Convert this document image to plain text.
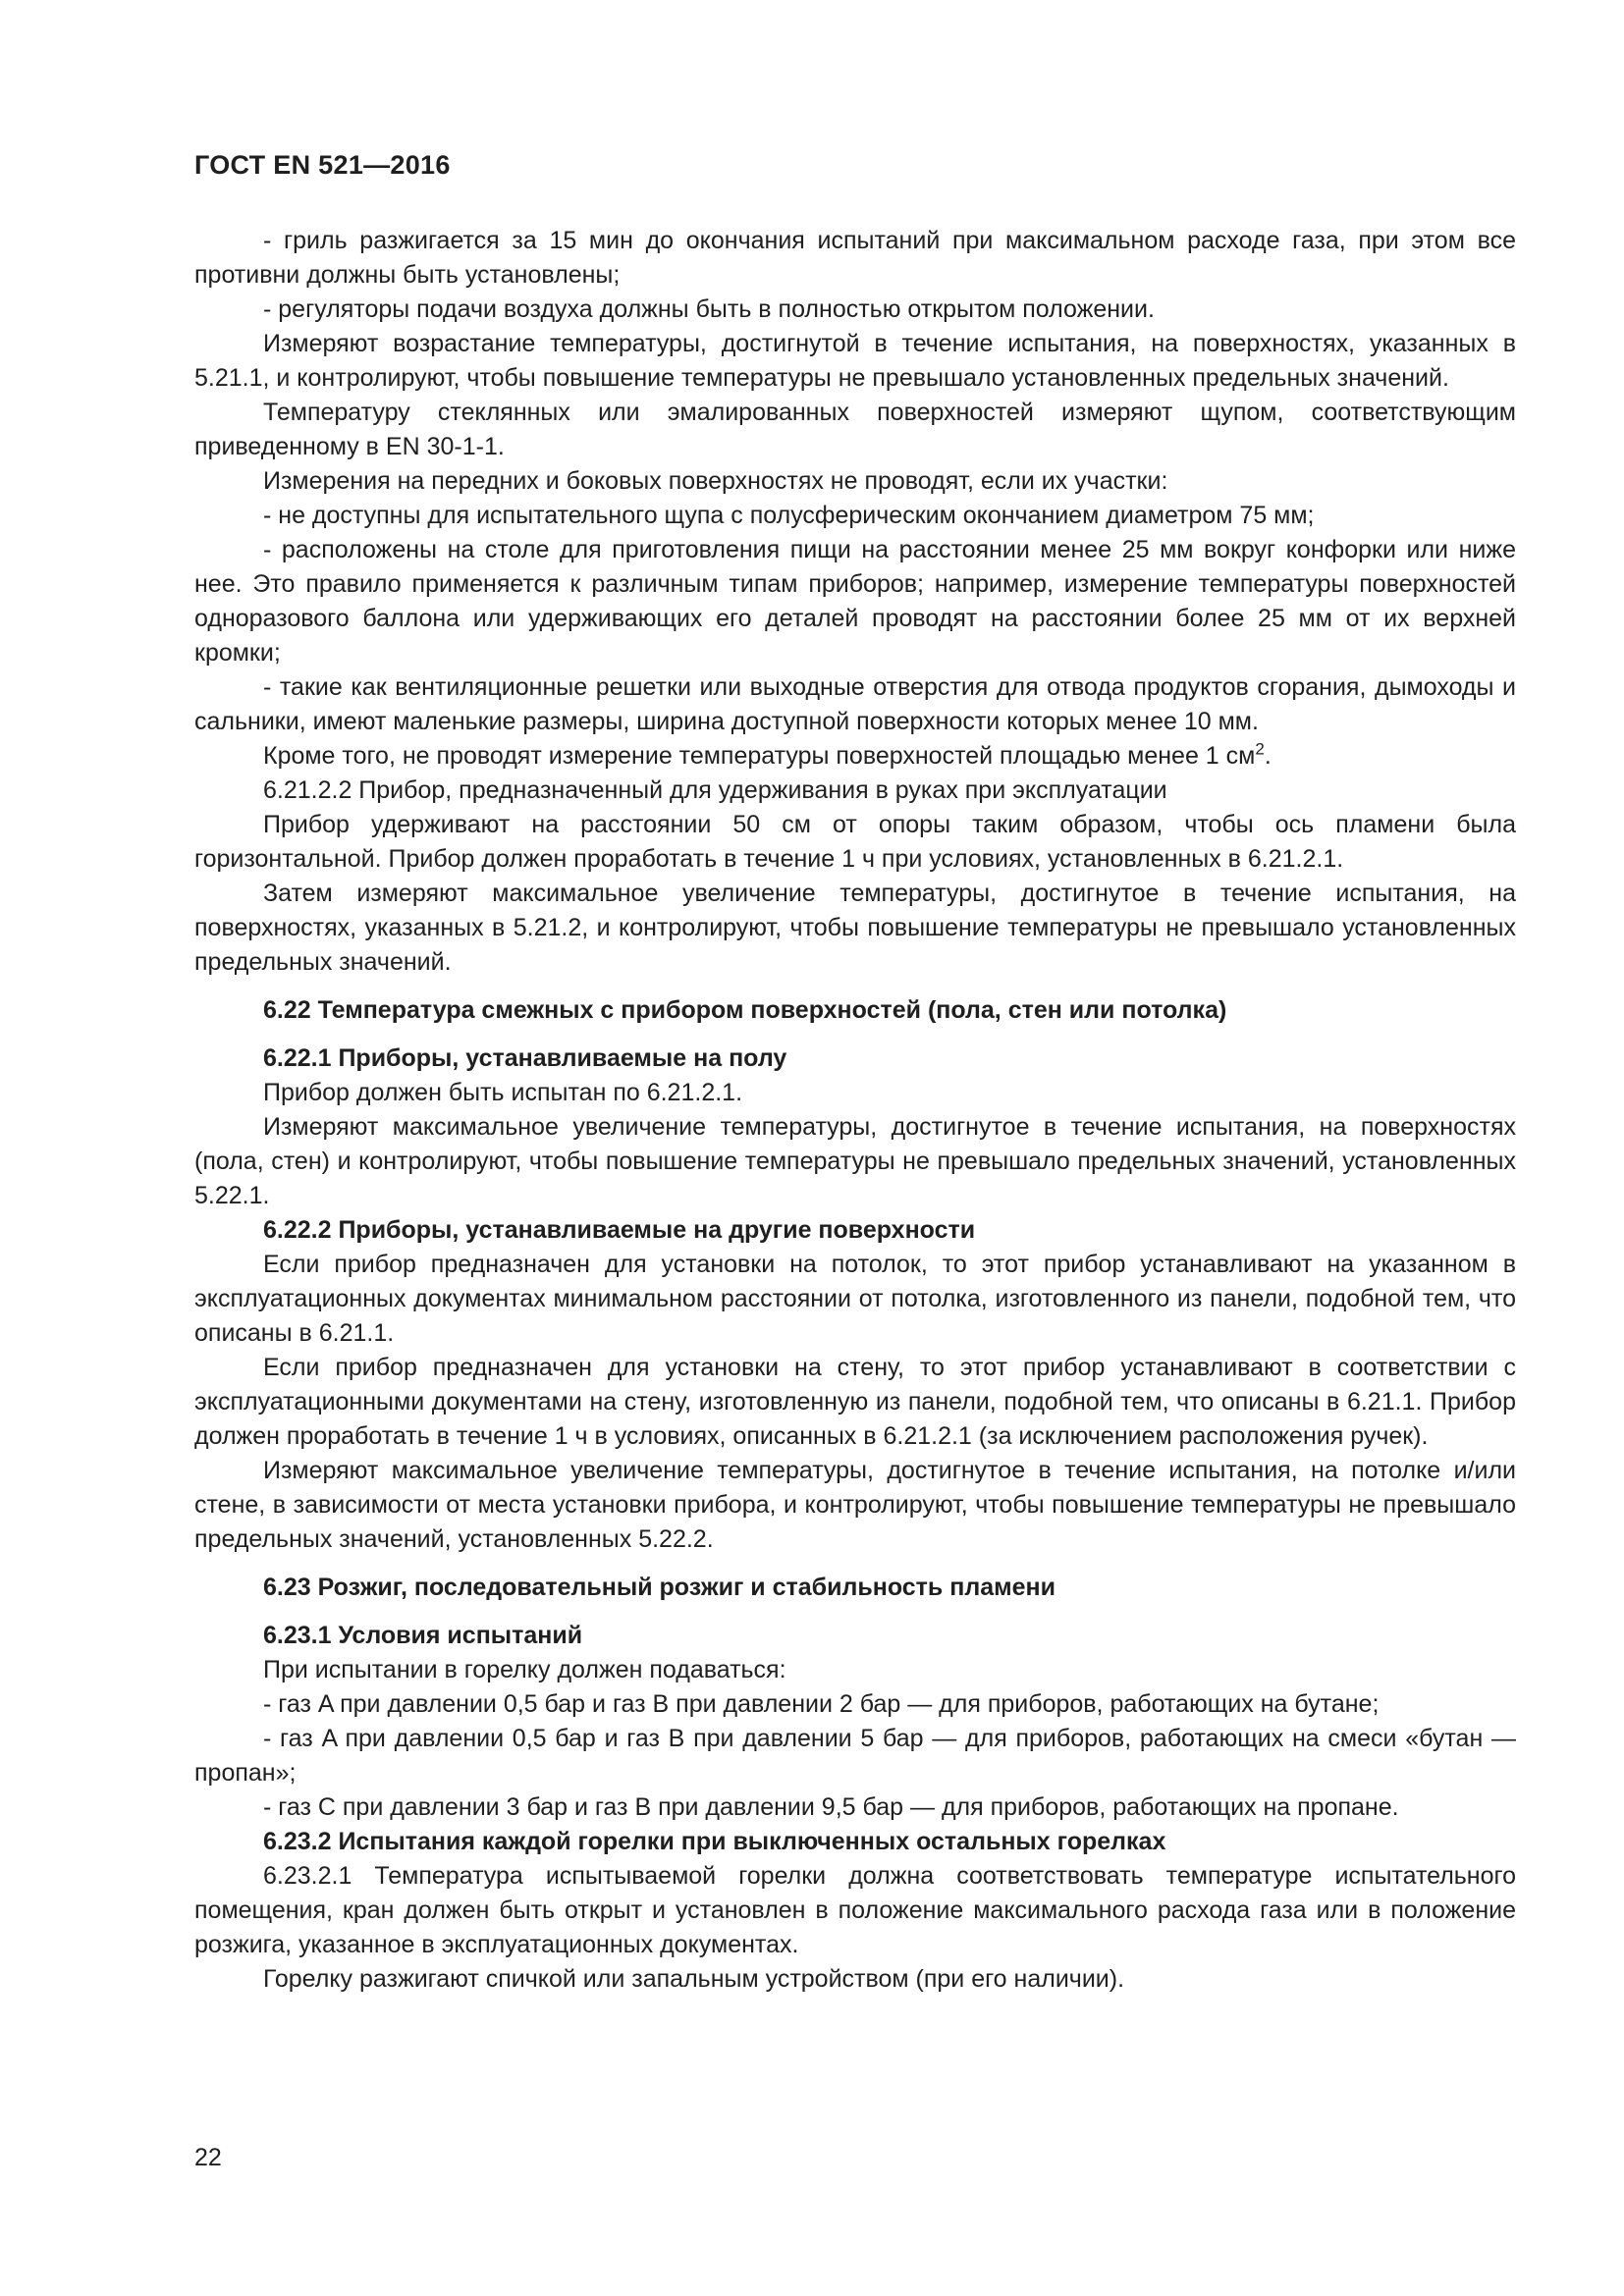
ГОСТ EN 521—2016

- гриль разжигается за 15 мин до окончания испытаний при максимальном расходе газа, при этом все противни должны быть установлены;

- регуляторы подачи воздуха должны быть в полностью открытом положении.

Измеряют возрастание температуры, достигнутой в течение испытания, на поверхностях, указанных в 5.21.1, и контролируют, чтобы повышение температуры не превышало установленных предельных значений.

Температуру стеклянных или эмалированных поверхностей измеряют щупом, соответствующим приведенному в EN 30-1-1.

Измерения на передних и боковых поверхностях не проводят, если их участки:

- не доступны для испытательного щупа с полусферическим окончанием диаметром 75 мм;

- расположены на столе для приготовления пищи на расстоянии менее 25 мм вокруг конфорки или ниже нее. Это правило применяется к различным типам приборов; например, измерение температуры поверхностей одноразового баллона или удерживающих его деталей проводят на расстоянии более 25 мм от их верхней кромки;

- такие как вентиляционные решетки или выходные отверстия для отвода продуктов сгорания, дымоходы и сальники, имеют маленькие размеры, ширина доступной поверхности которых менее 10 мм.

Кроме того, не проводят измерение температуры поверхностей площадью менее 1 $см^2$.

6.21.2.2 Прибор, предназначенный для удерживания в руках при эксплуатации

Прибор удерживают на расстоянии 50 см от опоры таким образом, чтобы ось пламени была горизонтальной. Прибор должен проработать в течение 1 ч при условиях, установленных в 6.21.2.1.

Затем измеряют максимальное увеличение температуры, достигнутое в течение испытания, на поверхностях, указанных в 5.21.2, и контролируют, чтобы повышение температуры не превышало установленных предельных значений.

6.22 Температура смежных с прибором поверхностей (пола, стен или потолка)

6.22.1 Приборы, устанавливаемые на полу

Прибор должен быть испытан по 6.21.2.1.

Измеряют максимальное увеличение температуры, достигнутое в течение испытания, на поверхностях (пола, стен) и контролируют, чтобы повышение температуры не превышало предельных значений, установленных 5.22.1.

6.22.2 Приборы, устанавливаемые на другие поверхности

Если прибор предназначен для установки на потолок, то этот прибор устанавливают на указанном в эксплуатационных документах минимальном расстоянии от потолка, изготовленного из панели, подобной тем, что описаны в 6.21.1.

Если прибор предназначен для установки на стену, то этот прибор устанавливают в соответствии с эксплуатационными документами на стену, изготовленную из панели, подобной тем, что описаны в 6.21.1. Прибор должен проработать в течение 1 ч в условиях, описанных в 6.21.2.1 (за исключением расположения ручек).

Измеряют максимальное увеличение температуры, достигнутое в течение испытания, на потолке и/или стене, в зависимости от места установки прибора, и контролируют, чтобы повышение температуры не превышало предельных значений, установленных 5.22.2.

6.23 Розжиг, последовательный розжиг и стабильность пламени

6.23.1 Условия испытаний

При испытании в горелку должен подаваться:

- газ A при давлении 0,5 бар и газ B при давлении 2 бар — для приборов, работающих на бутане;

- газ A при давлении 0,5 бар и газ B при давлении 5 бар — для приборов, работающих на смеси «бутан — пропан»;

- газ C при давлении 3 бар и газ B при давлении 9,5 бар — для приборов, работающих на пропане.

6.23.2 Испытания каждой горелки при выключенных остальных горелках

6.23.2.1 Температура испытываемой горелки должна соответствовать температуре испытательного помещения, кран должен быть открыт и установлен в положение максимального расхода газа или в положение розжига, указанное в эксплуатационных документах.

Горелку разжигают спичкой или запальным устройством (при его наличии).

22
